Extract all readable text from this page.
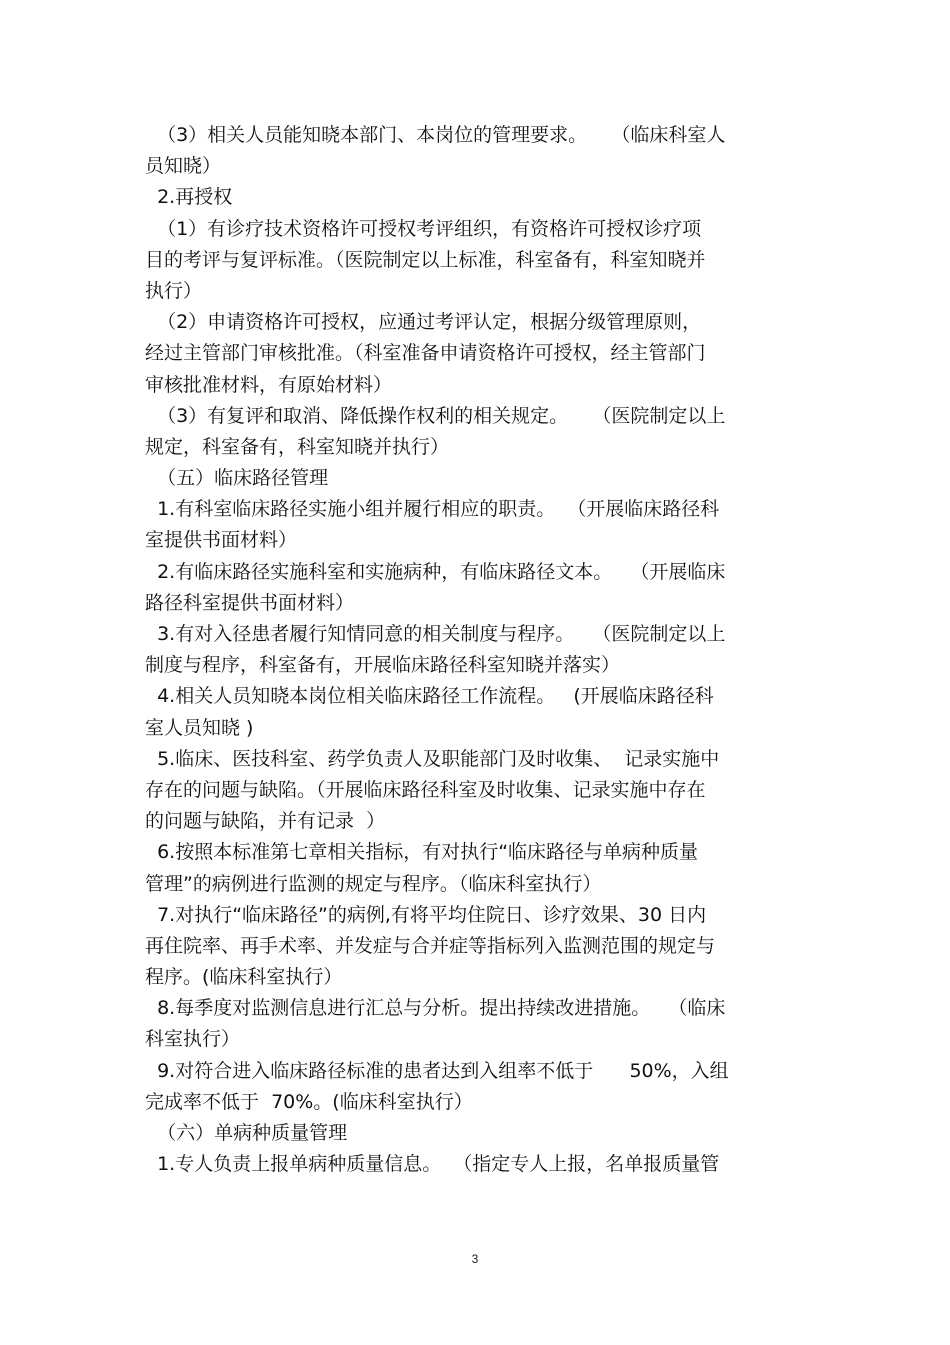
（3）相关人员能知晓本部门、本岗位的管理要求。    （临床科室人
员知晓）
2.再授权
（1）有诊疗技术资格许可授权考评组织，有资格许可授权诊疗项
目的考评与复评标准。（医院制定以上标准，科室备有，科室知晓并
执行）
（2）申请资格许可授权，应通过考评认定，根据分级管理原则，
经过主管部门审核批准。（科室准备申请资格许可授权，经主管部门
审核批准材料，有原始材料）
（3）有复评和取消、降低操作权利的相关规定。    （医院制定以上
规定，科室备有，科室知晓并执行）
（五）临床路径管理
1.有科室临床路径实施小组并履行相应的职责。  （开展临床路径科
室提供书面材料）
2.有临床路径实施科室和实施病种，有临床路径文本。   （开展临床
路径科室提供书面材料）
3.有对入径患者履行知情同意的相关制度与程序。   （医院制定以上
制度与程序，科室备有，开展临床路径科室知晓并落实）
4.相关人员知晓本岗位相关临床路径工作流程。   (开展临床路径科
室人员知晓 )
5.临床、医技科室、药学负责人及职能部门及时收集、  记录实施中
存在的问题与缺陷。（开展临床路径科室及时收集、记录实施中存在
的问题与缺陷，并有记录  ）
6.按照本标准第七章相关指标，有对执行“临床路径与单病种质量
管理”的病例进行监测的规定与程序。（临床科室执行）
7.对执行“临床路径”的病例,有将平均住院日、诊疗效果、30 日内
再住院率、再手术率、并发症与合并症等指标列入监测范围的规定与
程序。(临床科室执行）
8.每季度对监测信息进行汇总与分析。提出持续改进措施。   （临床
科室执行）
9.对符合进入临床路径标准的患者达到入组率不低于      50%，入组
完成率不低于  70%。(临床科室执行）
（六）单病种质量管理
1.专人负责上报单病种质量信息。  （指定专人上报，名单报质量管
3
